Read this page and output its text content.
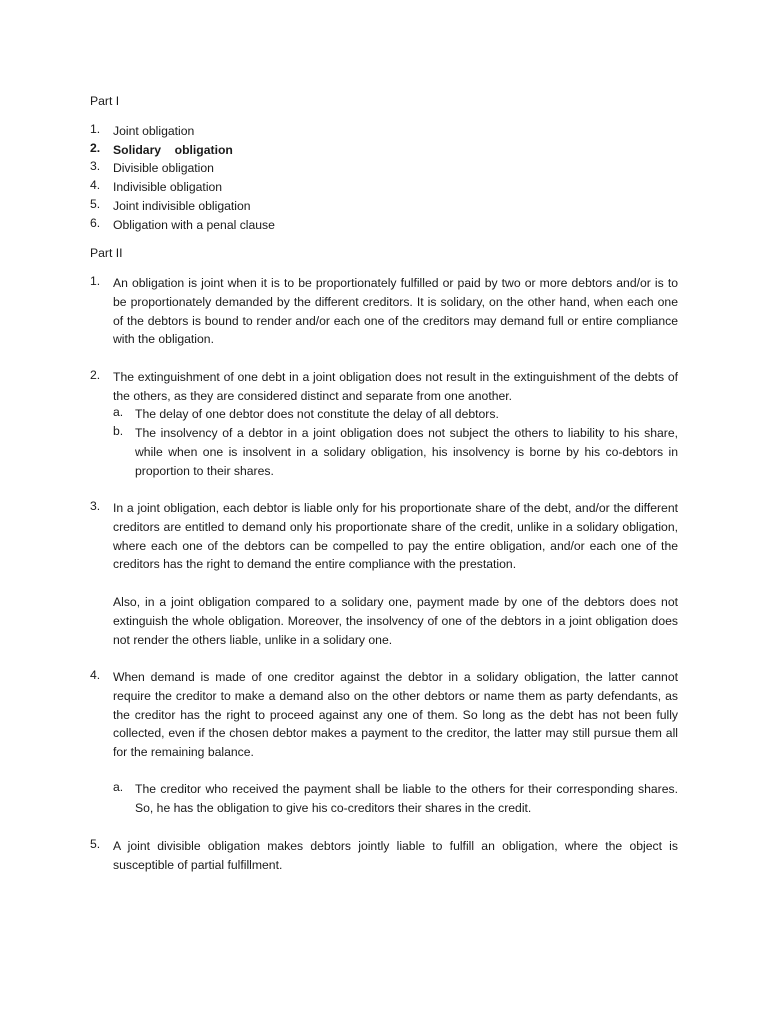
Part I
1.	Joint obligation
2.	Solidary    obligation
3.	Divisible obligation
4.	Indivisible obligation
5.	Joint indivisible obligation
6.	Obligation with a penal clause
Part II
1.	An obligation is joint when it is to be proportionately fulfilled or paid by two or more debtors and/or is to be proportionately demanded by the different creditors. It is solidary, on the other hand, when each one of the debtors is bound to render and/or each one of the creditors may demand full or entire compliance with the obligation.
2.	The extinguishment of one debt in a joint obligation does not result in the extinguishment of the debts of the others, as they are considered distinct and separate from one another.
a. The delay of one debtor does not constitute the delay of all debtors.
b. The insolvency of a debtor in a joint obligation does not subject the others to liability to his share, while when one is insolvent in a solidary obligation, his insolvency is borne by his co-debtors in proportion to their shares.
3.	In a joint obligation, each debtor is liable only for his proportionate share of the debt, and/or the different creditors are entitled to demand only his proportionate share of the credit, unlike in a solidary obligation, where each one of the debtors can be compelled to pay the entire obligation, and/or each one of the creditors has the right to demand the entire compliance with the prestation.
Also, in a joint obligation compared to a solidary one, payment made by one of the debtors does not extinguish the whole obligation. Moreover, the insolvency of one of the debtors in a joint obligation does not render the others liable, unlike in a solidary one.
4.	When demand is made of one creditor against the debtor in a solidary obligation, the latter cannot require the creditor to make a demand also on the other debtors or name them as party defendants, as the creditor has the right to proceed against any one of them. So long as the debt has not been fully collected, even if the chosen debtor makes a payment to the creditor, the latter may still pursue them all for the remaining balance.
a. The creditor who received the payment shall be liable to the others for their corresponding shares. So, he has the obligation to give his co-creditors their shares in the credit.
5.	A joint divisible obligation makes debtors jointly liable to fulfill an obligation, where the object is susceptible of partial fulfillment.
